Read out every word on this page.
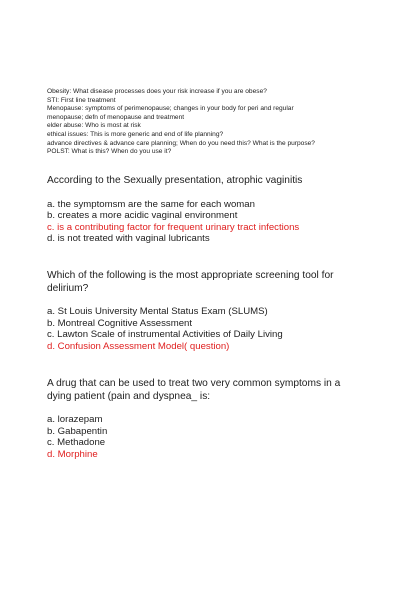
Obesity: What disease processes does your risk increase if you are obese?
STI: First line treatment
Menopause: symptoms of perimenopause; changes in your body for peri and regular
menopause; defn of menopause and treatment
elder abuse: Who is most at risk
ethical issues: This is more generic and end of life planning?
advance directives & advance care planning; When do you need this? What is the purpose?
POLST: What is this? When do you use it?
According to the Sexually presentation, atrophic vaginitis
a. the symptomsm are the same for each woman
b. creates a more acidic vaginal environment
c. is a contributing factor for frequent urinary tract infections
d. is not treated with vaginal lubricants
Which of the following is the most appropriate screening tool for delirium?
a. St Louis University Mental Status Exam (SLUMS)
b. Montreal Cognitive Assessment
c. Lawton Scale of instrumental Activities of Daily Living
d. Confusion Assessment Model( question)
A drug that can be used to treat two very common symptoms in a dying patient (pain and dyspnea_ is:
a. lorazepam
b. Gabapentin
c. Methadone
d. Morphine
